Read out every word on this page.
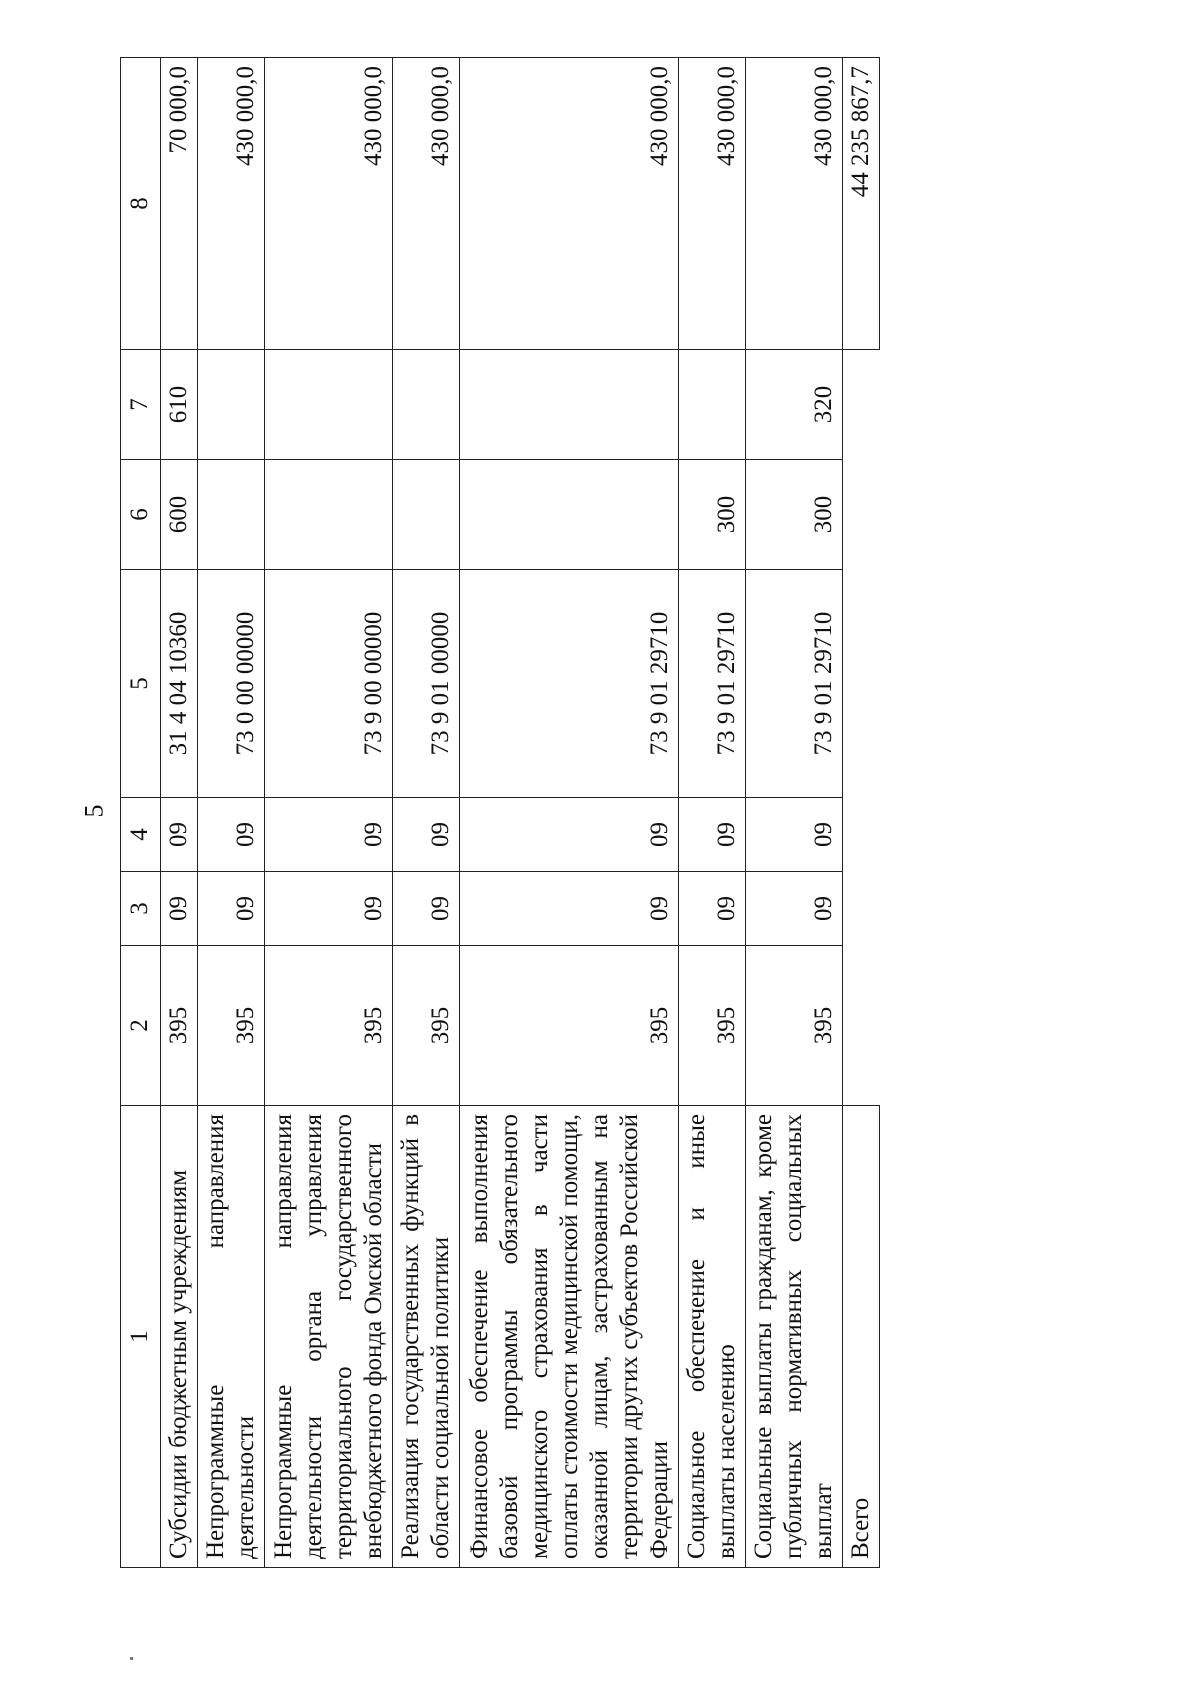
5
1	2	3	4	5	6	7	8
Субсидии бюджетным учреждениям	395	09	09	31 4 04 10360	600	610	70 000,0
Непрограммные направления деятельности	395	09	09	73 0 00 00000			430 000,0
Непрограммные направления деятельности органа управления территориального государственного внебюджетного фонда Омской области	395	09	09	73 9 00 00000			430 000,0
Реализация государственных функций в области социальной политики	395	09	09	73 9 01 00000			430 000,0
Финансовое обеспечение выполнения базовой программы обязательного медицинского страхования в части оплаты стоимости медицинской помощи, оказанной лицам, застрахованным на территории других субъектов Российской Федерации	395	09	09	73 9 01 29710			430 000,0
Социальное обеспечение и иные выплаты населению	395	09	09	73 9 01 29710	300		430 000,0
Социальные выплаты гражданам, кроме публичных нормативных социальных выплат	395	09	09	73 9 01 29710	300	320	430 000,0
Всего							44 235 867,7
